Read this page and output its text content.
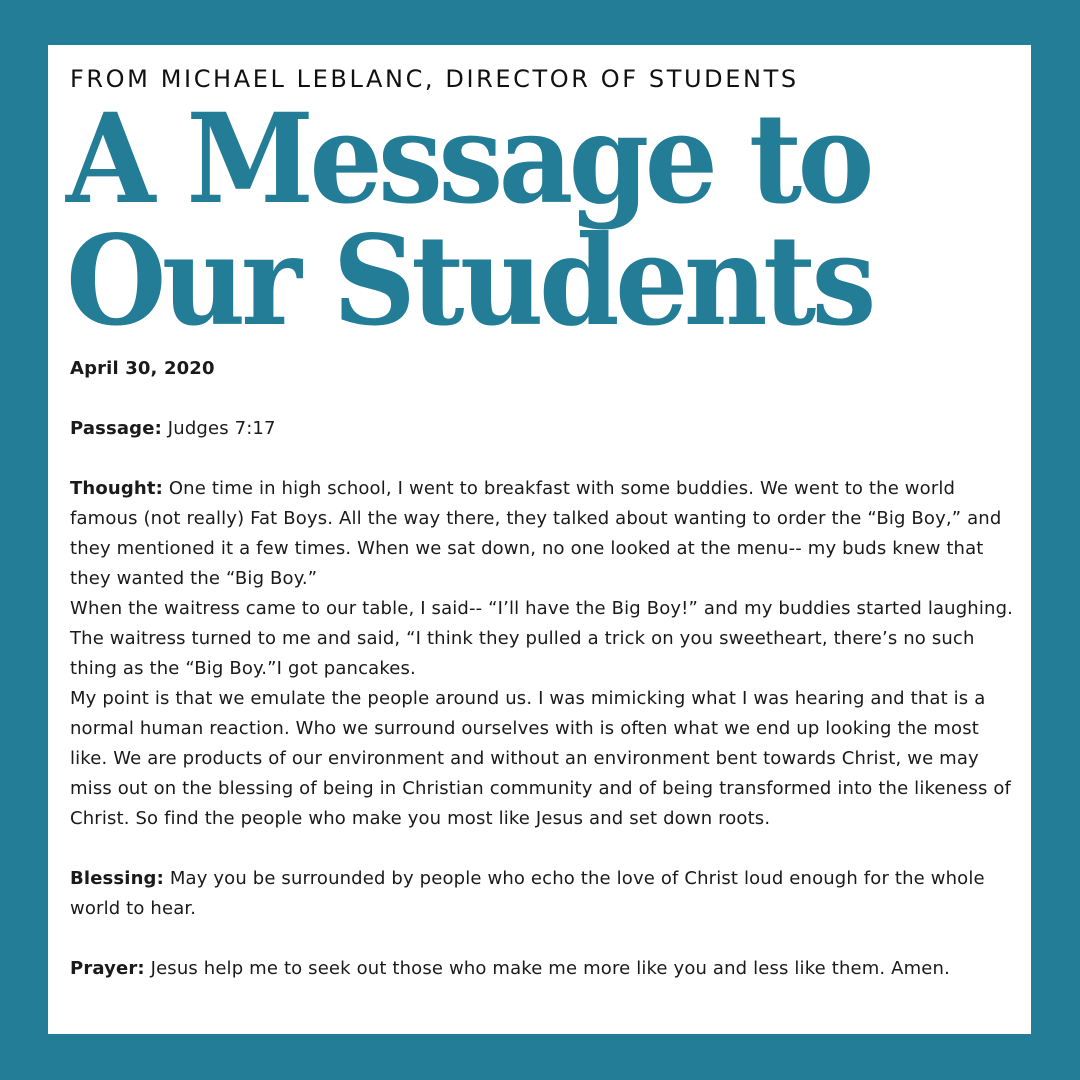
FROM MICHAEL LEBLANC, DIRECTOR OF STUDENTS
A Message to
Our Students

April 30, 2020

Passage: Judges 7:17

Thought: One time in high school, I went to breakfast with some buddies. We went to the world famous (not really) Fat Boys. All the way there, they talked about wanting to order the “Big Boy,” and they mentioned it a few times. When we sat down, no one looked at the menu-- my buds knew that they wanted the “Big Boy.”

When the waitress came to our table, I said-- “I’ll have the Big Boy!” and my buddies started laughing. The waitress turned to me and said, “I think they pulled a trick on you sweetheart, there’s no such thing as the “Big Boy.”I got pancakes.

My point is that we emulate the people around us. I was mimicking what I was hearing and that is a normal human reaction. Who we surround ourselves with is often what we end up looking the most like. We are products of our environment and without an environment bent towards Christ, we may miss out on the blessing of being in Christian community and of being transformed into the likeness of Christ. So find the people who make you most like Jesus and set down roots.

Blessing: May you be surrounded by people who echo the love of Christ loud enough for the whole world to hear.

Prayer: Jesus help me to seek out those who make me more like you and less like them. Amen.
